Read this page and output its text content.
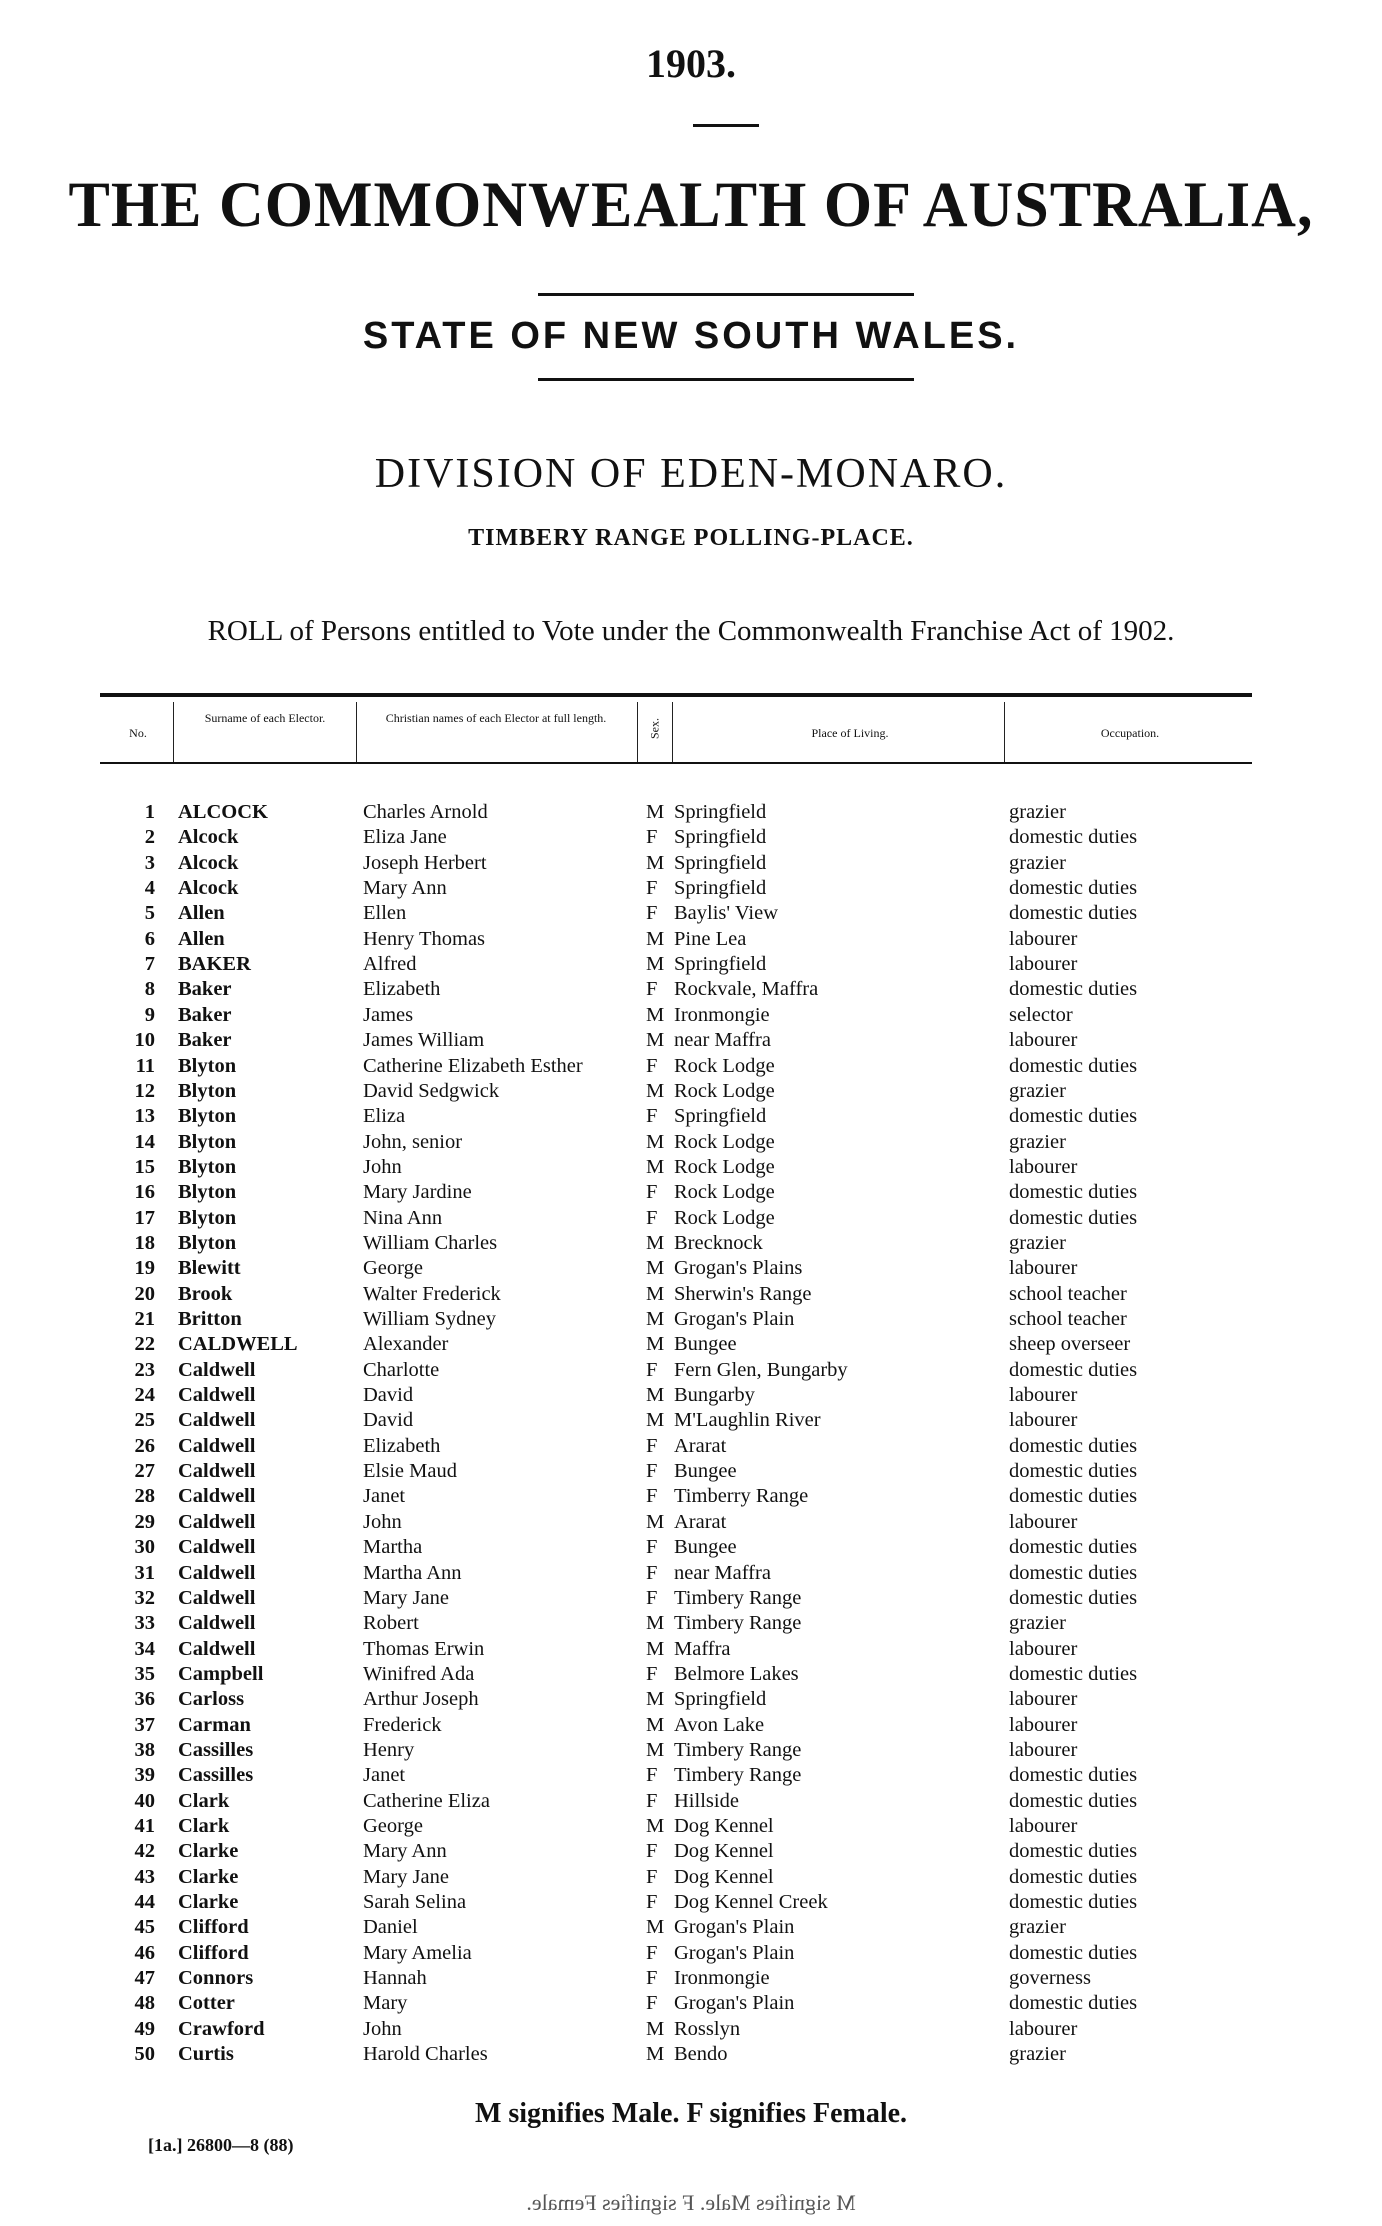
1903.
THE COMMONWEALTH OF AUSTRALIA,
STATE OF NEW SOUTH WALES.
DIVISION OF EDEN-MONARO.
TIMBERY RANGE POLLING-PLACE.
ROLL of Persons entitled to Vote under the Commonwealth Franchise Act of 1902.
No.
Surname of each Elector.	Christian names of each Elector at full length.	Sex.	Place of Living.	Occupation.
1 ALCOCK	Charles Arnold	M Springfield	grazier
2 Alcock	Eliza Jane	F Springfield	domestic duties
3 Alcock	Joseph Herbert	M Springfield	grazier
4 Alcock	Mary Ann	F Springfield	domestic duties
5 Allen	Ellen	F Baylis' View	domestic duties
6 Allen	Henry Thomas	M Pine Lea	labourer
7 BAKER	Alfred	M Springfield	labourer
8 Baker	Elizabeth	F Rockvale, Maffra	domestic duties
9 Baker	James	M Ironmongie	selector
10 Baker	James William	M near Maffra	labourer
11 Blyton	Catherine Elizabeth Esther	F Rock Lodge	domestic duties
12 Blyton	David Sedgwick	M Rock Lodge	grazier
13 Blyton	Eliza	F Springfield	domestic duties
14 Blyton	John, senior	M Rock Lodge	grazier
15 Blyton	John	M Rock Lodge	labourer
16 Blyton	Mary Jardine	F Rock Lodge	domestic duties
17 Blyton	Nina Ann	F Rock Lodge	domestic duties
18 Blyton	William Charles	M Brecknock	grazier
19 Blewitt	George	M Grogan's Plains	labourer
20 Brook	Walter Frederick	M Sherwin's Range	school teacher
21 Britton	William Sydney	M Grogan's Plain	school teacher
22 CALDWELL	Alexander	M Bungee	sheep overseer
23 Caldwell	Charlotte	F Fern Glen, Bungarby	domestic duties
24 Caldwell	David	M Bungarby	labourer
25 Caldwell	David	M M'Laughlin River	labourer
26 Caldwell	Elizabeth	F Ararat	domestic duties
27 Caldwell	Elsie Maud	F Bungee	domestic duties
28 Caldwell	Janet	F Timberry Range	domestic duties
29 Caldwell	John	M Ararat	labourer
30 Caldwell	Martha	F Bungee	domestic duties
31 Caldwell	Martha Ann	F near Maffra	domestic duties
32 Caldwell	Mary Jane	F Timbery Range	domestic duties
33 Caldwell	Robert	M Timbery Range	grazier
34 Caldwell	Thomas Erwin	M Maffra	labourer
35 Campbell	Winifred Ada	F Belmore Lakes	domestic duties
36 Carloss	Arthur Joseph	M Springfield	labourer
37 Carman	Frederick	M Avon Lake	labourer
38 Cassilles	Henry	M Timbery Range	labourer
39 Cassilles	Janet	F Timbery Range	domestic duties
40 Clark	Catherine Eliza	F Hillside	domestic duties
41 Clark	George	M Dog Kennel	labourer
42 Clarke	Mary Ann	F Dog Kennel	domestic duties
43 Clarke	Mary Jane	F Dog Kennel	domestic duties
44 Clarke	Sarah Selina	F Dog Kennel Creek	domestic duties
45 Clifford	Daniel	M Grogan's Plain	grazier
46 Clifford	Mary Amelia	F Grogan's Plain	domestic duties
47 Connors	Hannah	F Ironmongie	governess
48 Cotter	Mary	F Grogan's Plain	domestic duties
49 Crawford	John	M Rosslyn	labourer
50 Curtis	Harold Charles	M Bendo	grazier
M signifies Male. F signifies Female.
[1a.] 26800—8 (88)
M signifies Male. F signifies Female.
